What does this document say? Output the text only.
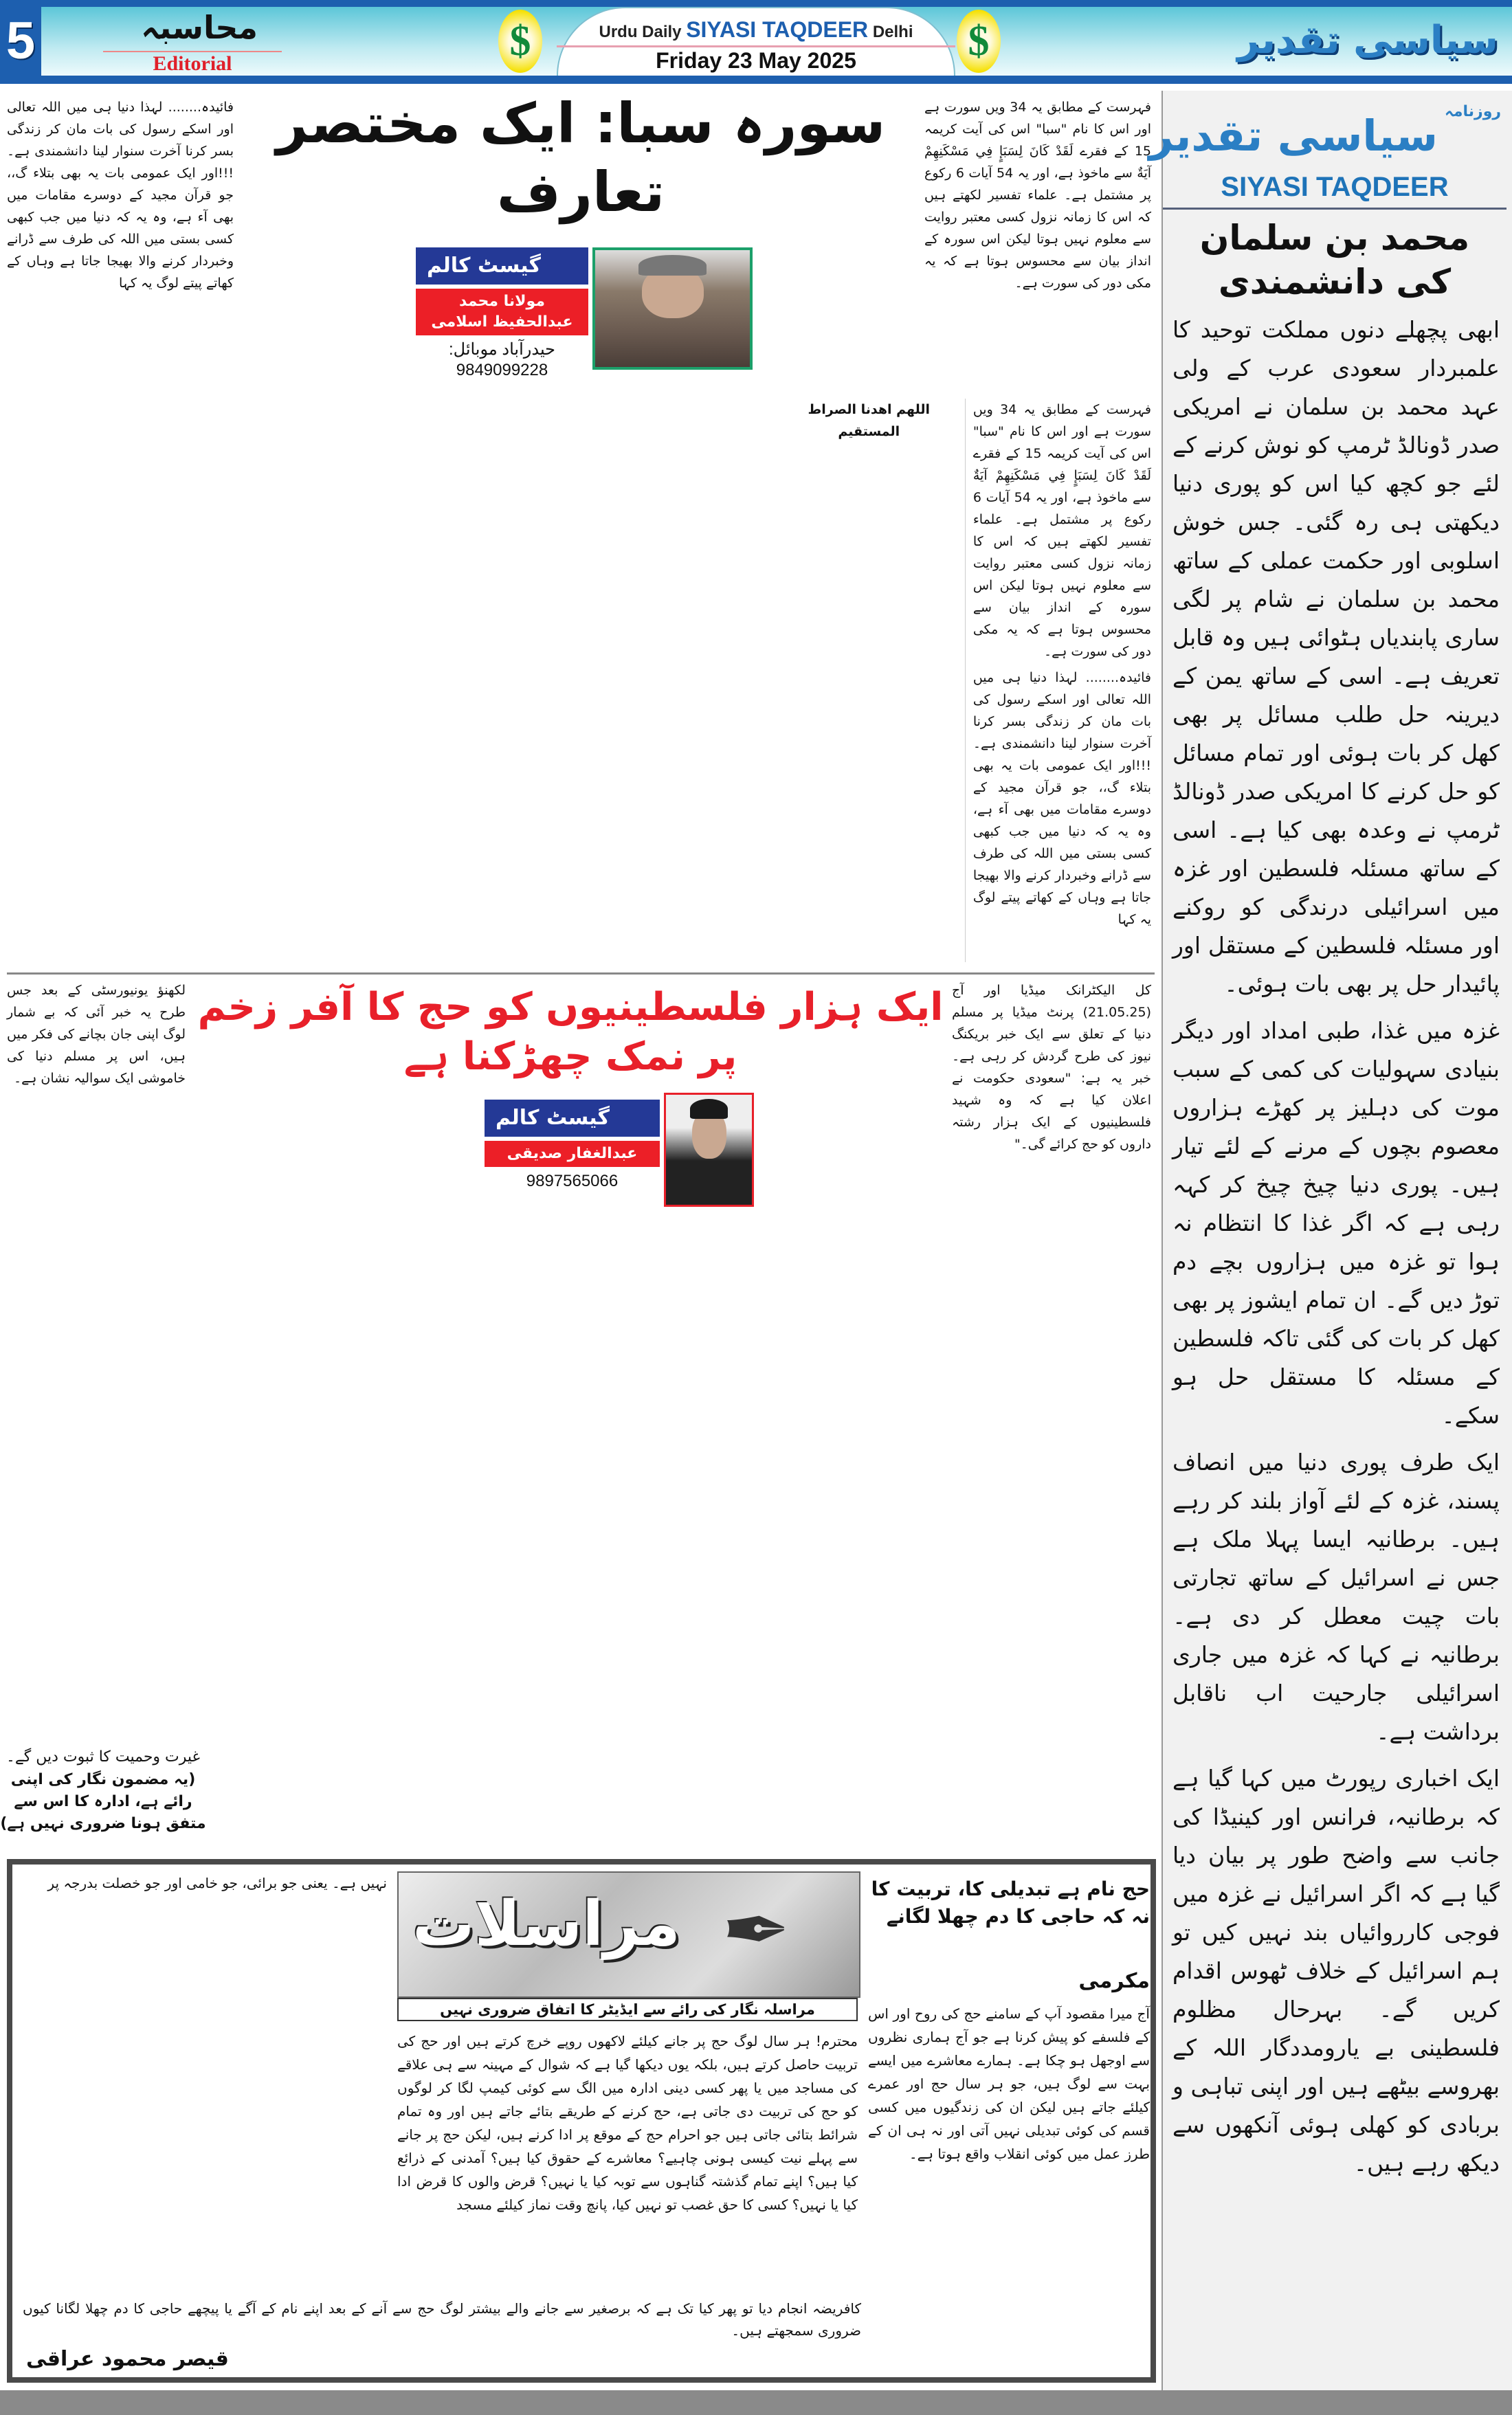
5	محاسبہ
Editorial	$	Urdu Daily SIYASI TAQDEER Delhi
Friday 23 May 2025	$	سیاسی تقدیر
روزنامہ
سیاسی تقدیر
SIYASI TAQDEER
محمد بن سلمان کی دانشمندی

ابھی پچھلے دنوں مملکت توحید کا علمبردار سعودی عرب کے ولی عہد محمد بن سلمان نے امریکی صدر ڈونالڈ ٹرمپ کو نوش کرنے کے لئے جو کچھ کیا اس کو پوری دنیا دیکھتی ہی رہ گئی۔ جس خوش اسلوبی اور حکمت عملی کے ساتھ محمد بن سلمان نے شام پر لگی ساری پابندیاں ہٹوائی ہیں وہ قابل تعریف ہے۔ اسی کے ساتھ یمن کے دیرینہ حل طلب مسائل پر بھی کھل کر بات ہوئی اور تمام مسائل کو حل کرنے کا امریکی صدر ڈونالڈ ٹرمپ نے وعدہ بھی کیا ہے۔ اسی کے ساتھ مسئلہ فلسطین اور غزہ میں اسرائیلی درندگی کو روکنے اور مسئلہ فلسطین کے مستقل اور پائیدار حل پر بھی بات ہوئی۔

غزہ میں غذا، طبی امداد اور دیگر بنیادی سہولیات کی کمی کے سبب موت کی دہلیز پر کھڑے ہزاروں معصوم بچوں کے مرنے کے لئے تیار ہیں۔ پوری دنیا چیخ چیخ کر کہہ رہی ہے کہ اگر غذا کا انتظام نہ ہوا تو غزہ میں ہزاروں بچے دم توڑ دیں گے۔ ان تمام ایشوز پر بھی کھل کر بات کی گئی تاکہ فلسطین کے مسئلہ کا مستقل حل ہو سکے۔

ایک طرف پوری دنیا میں انصاف پسند، غزہ کے لئے آواز بلند کر رہے ہیں۔ برطانیہ ایسا پہلا ملک ہے جس نے اسرائیل کے ساتھ تجارتی بات چیت معطل کر دی ہے۔ برطانیہ نے کہا کہ غزہ میں جاری اسرائیلی جارحیت اب ناقابل برداشت ہے۔

ایک اخباری رپورٹ میں کہا گیا ہے کہ برطانیہ، فرانس اور کینیڈا کی جانب سے واضح طور پر بیان دیا گیا ہے کہ اگر اسرائیل نے غزہ میں فوجی کارروائیاں بند نہیں کیں تو ہم اسرائیل کے خلاف ٹھوس اقدام کریں گے۔ بہرحال مظلوم فلسطینی بے یارومددگار اللہ کے بھروسے بیٹھے ہیں اور اپنی تباہی و بربادی کو کھلی ہوئی آنکھوں سے دیکھ رہے ہیں۔

سورہ سبا: ایک مختصر تعارف

فہرست کے مطابق یہ 34 ویں سورت ہے اور اس کا نام "سبا" اس کی آیت کریمہ 15 کے فقرے لَقَدْ كَانَ لِسَبَإٍ فِي مَسْكَنِهِمْ آيَةٌ سے ماخوذ ہے، اور یہ 54 آیات 6 رکوع پر مشتمل ہے۔ علماء تفسیر لکھتے ہیں کہ اس کا زمانہ نزول کسی معتبر روایت سے معلوم نہیں ہوتا لیکن اس سورہ کے انداز بیان سے محسوس ہوتا ہے کہ یہ مکی دور کی سورت ہے۔

فائیدہ........ لہذا دنیا ہی میں اللہ تعالی اور اسکے رسول کی بات مان کر زندگی بسر کرنا آخرت سنوار لینا دانشمندی ہے۔ !!!اور ایک عمومی بات یہ بھی بتلاء گ،، جو قرآن مجید کے دوسرے مقامات میں بھی آء ہے، وہ یہ کہ دنیا میں جب کبھی کسی بستی میں اللہ کی طرف سے ڈرانے وخبردار کرنے والا بھیجا جاتا ہے وہاں کے کھاتے پیتے لوگ یہ کہا

گیسٹ کالم
مولانا محمد عبدالحفیظ اسلامی
حیدرآباد موبائل: 9849099228

فہرست کے مطابق یہ 34 ویں سورت ہے اور اس کا نام "سبا" اس کی آیت کریمہ 15 کے فقرے لَقَدْ كَانَ لِسَبَإٍ فِي مَسْكَنِهِمْ آيَةٌ سے ماخوذ ہے، اور یہ 54 آیات 6 رکوع پر مشتمل ہے۔ علماء تفسیر لکھتے ہیں کہ اس کا زمانہ نزول کسی معتبر روایت سے معلوم نہیں ہوتا لیکن اس سورہ کے انداز بیان سے محسوس ہوتا ہے کہ یہ مکی دور کی سورت ہے۔

فائیدہ........ لہذا دنیا ہی میں اللہ تعالی اور اسکے رسول کی بات مان کر زندگی بسر کرنا آخرت سنوار لینا دانشمندی ہے۔ !!!اور ایک عمومی بات یہ بھی بتلاء گ،، جو قرآن مجید کے دوسرے مقامات میں بھی آء ہے، وہ یہ کہ دنیا میں جب کبھی کسی بستی میں اللہ کی طرف سے ڈرانے وخبردار کرنے والا بھیجا جاتا ہے وہاں کے کھاتے پیتے لوگ یہ کہا

اللھم اھدنا الصراط المستقیم

ایک ہزار فلسطینیوں کو حج کا آفر زخم پر نمک چھڑکنا ہے

کل الیکٹرانک میڈیا اور آج (21.05.25) پرنٹ میڈیا پر مسلم دنیا کے تعلق سے ایک خبر بریکنگ نیوز کی طرح گردش کر رہی ہے۔ خبر یہ ہے: "سعودی حکومت نے اعلان کیا ہے کہ وہ شہید فلسطینیوں کے ایک ہزار رشتہ داروں کو حج کرائے گی۔"

لکھنؤ یونیورسٹی کے بعد جس طرح یہ خبر آئی کہ بے شمار لوگ اپنی جان بچانے کی فکر میں ہیں، اس پر مسلم دنیا کی خاموشی ایک سوالیہ نشان ہے۔

گیسٹ کالم
عبدالغفار صدیقی
9897565066
غیرت وحمیت کا ثبوت دیں گے۔
(یہ مضمون نگار کی اپنی رائے ہے، ادارہ کا اس سے متفق ہونا ضروری نہیں ہے)
مراسلات ✒
مراسلہ نگار کی رائے سے ایڈیٹر کا اتفاق ضروری نہیں
حج نام ہے تبدیلی کا، تربیت کا نہ کہ حاجی کا دم چھلا لگانے
مکرمی

آج میرا مقصود آپ کے سامنے حج کی روح اور اس کے فلسفے کو پیش کرنا ہے جو آج ہماری نظروں سے اوجھل ہو چکا ہے۔ ہمارے معاشرے میں ایسے بہت سے لوگ ہیں، جو ہر سال حج اور عمرے کیلئے جاتے ہیں لیکن ان کی زندگیوں میں کسی قسم کی کوئی تبدیلی نہیں آتی اور نہ ہی ان کے طرز عمل میں کوئی انقلاب واقع ہوتا ہے۔

محترم! ہر سال لوگ حج پر جانے کیلئے لاکھوں روپے خرچ کرتے ہیں اور حج کی تربیت حاصل کرتے ہیں، بلکہ یوں دیکھا گیا ہے کہ شوال کے مہینہ سے ہی علاقے کی مساجد میں یا پھر کسی دینی ادارہ میں الگ سے کوئی کیمپ لگا کر لوگوں کو حج کی تربیت دی جاتی ہے، حج کرنے کے طریقے بتائے جاتے ہیں اور وہ تمام شرائط بتائی جاتی ہیں جو احرام حج کے موقع پر ادا کرنے ہیں، لیکن حج پر جانے سے پہلے نیت کیسی ہونی چاہیے؟ معاشرے کے حقوق کیا ہیں؟ آمدنی کے ذرائع کیا ہیں؟ اپنے تمام گذشتہ گناہوں سے توبہ کیا یا نہیں؟ قرض والوں کا قرض ادا کیا یا نہیں؟ کسی کا حق غصب تو نہیں کیا، پانچ وقت نماز کیلئے مسجد

نہیں ہے۔ یعنی جو برائی، جو خامی اور جو خصلت بدرجہ پر

کافریضہ انجام دیا تو پھر کیا تک ہے کہ برصغیر سے جانے والے بیشتر لوگ حج سے آنے کے بعد اپنے نام کے آگے یا پیچھے حاجی کا دم چھلا لگانا کیوں ضروری سمجھتے ہیں۔

قیصر محمود عراقی
